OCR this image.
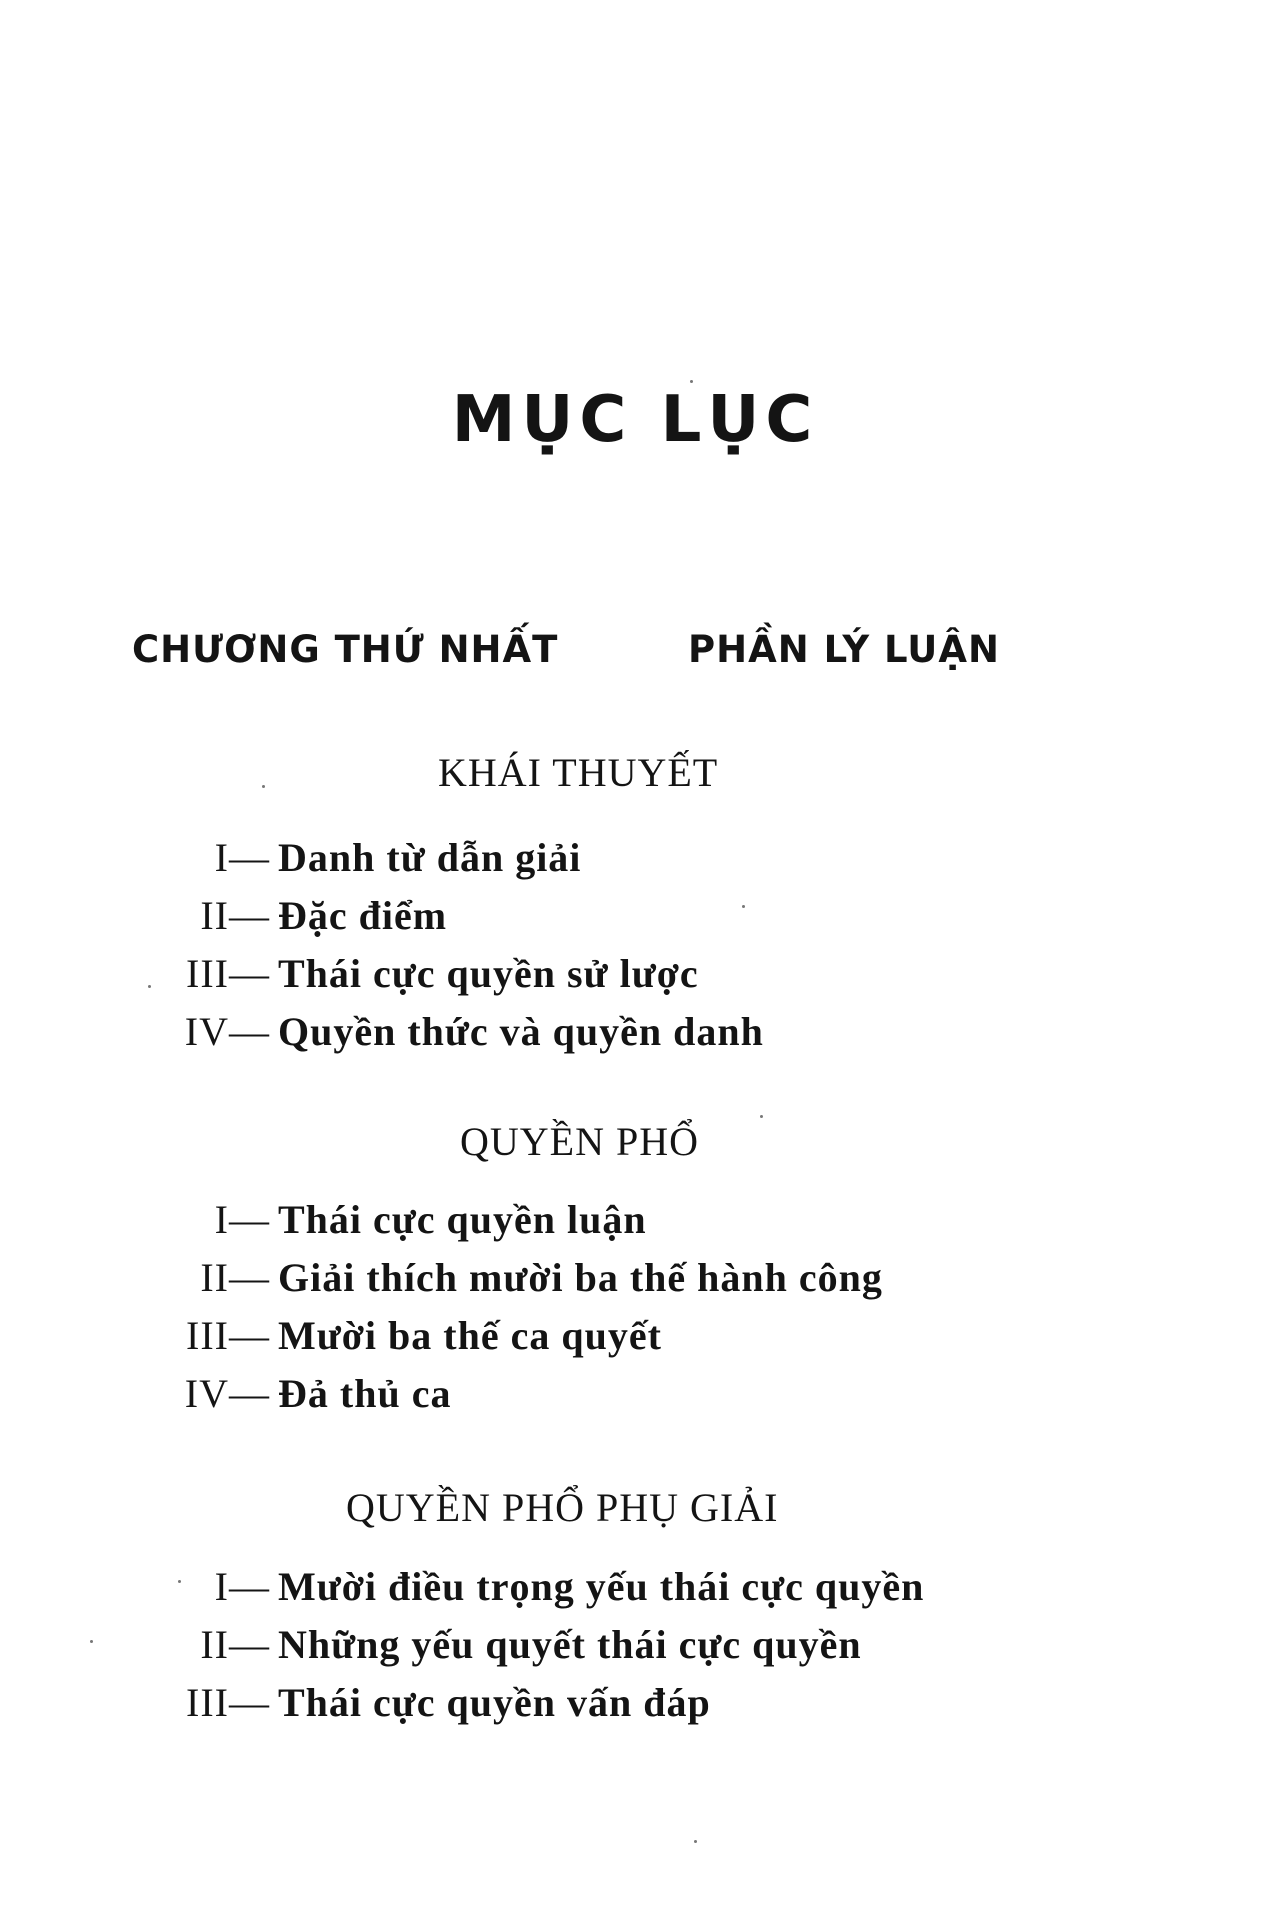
MỤC LỤC
CHƯƠNG THỨ NHẤT	PHẦN LÝ LUẬN
KHÁI THUYẾT
I— Danh từ dẫn giải
II— Đặc điểm
III— Thái cực quyền sử lược
IV— Quyền thức và quyền danh
QUYỀN PHỔ
I— Thái cực quyền luận
II— Giải thích mười ba thế hành công
III— Mười ba thế ca quyết
IV— Đả thủ ca
QUYỀN PHỔ PHỤ GIẢI
I— Mười điều trọng yếu thái cực quyền
II— Những yếu quyết thái cực quyền
III— Thái cực quyền vấn đáp
